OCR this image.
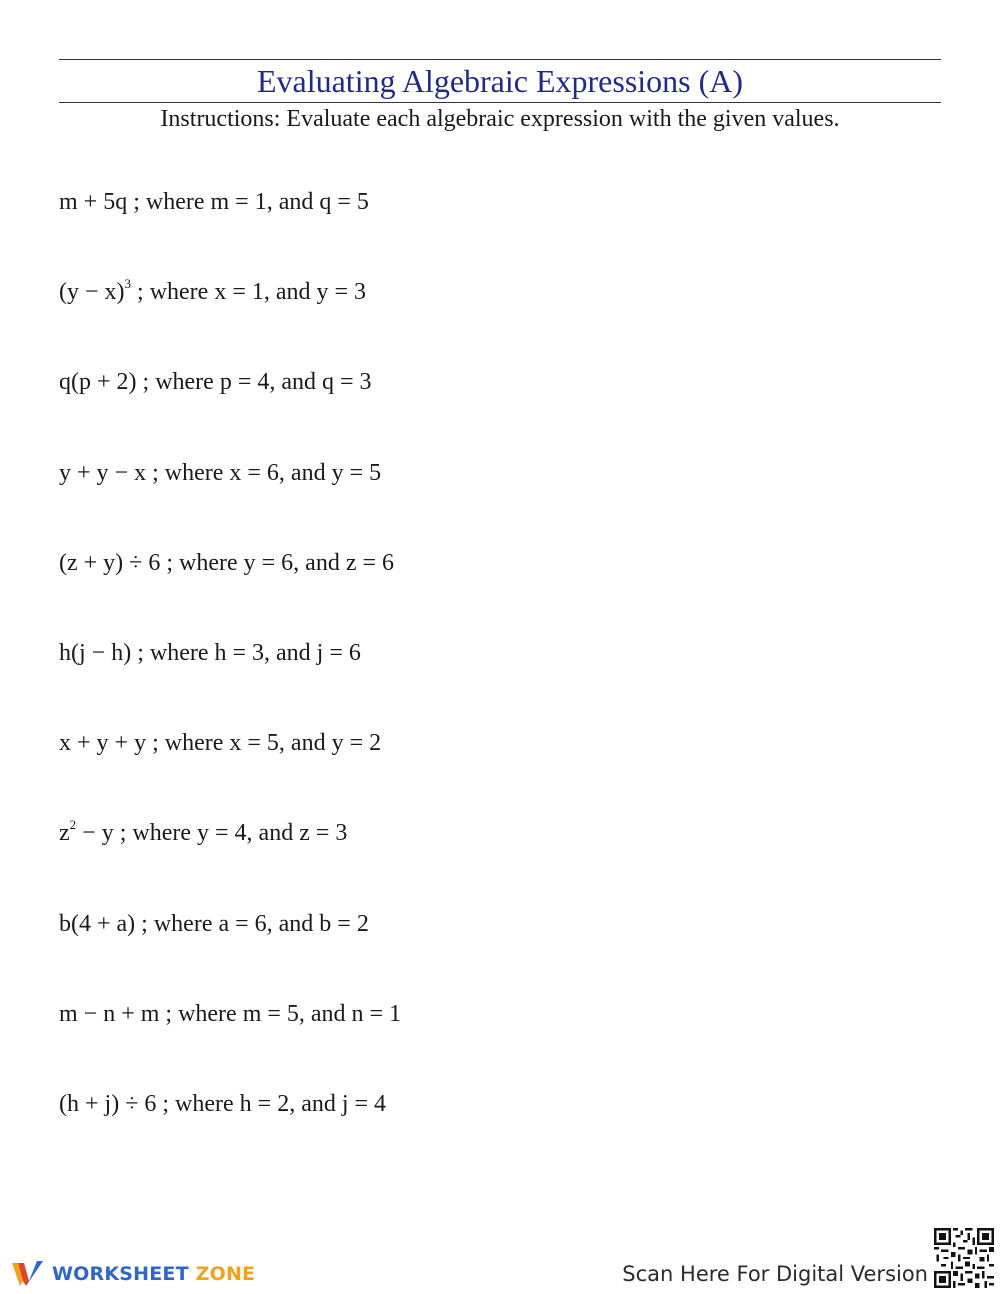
Evaluating Algebraic Expressions (A)
Instructions: Evaluate each algebraic expression with the given values.
m + 5q ; where m = 1, and q = 5
$(y - x)^3$ ; where x = 1, and y = 3
q(p + 2) ; where p = 4, and q = 3
y + y − x ; where x = 6, and y = 5
(z + y) ÷ 6 ; where y = 6, and z = 6
h(j − h) ; where h = 3, and j = 6
x + y + y ; where x = 5, and y = 2
$z^2 - y$ ; where y = 4, and z = 3
b(4 + a) ; where a = 6, and b = 2
m − n + m ; where m = 5, and n = 1
(h + j) ÷ 6 ; where h = 2, and j = 4
WORKSHEET ZONE	Scan Here For Digital Version
